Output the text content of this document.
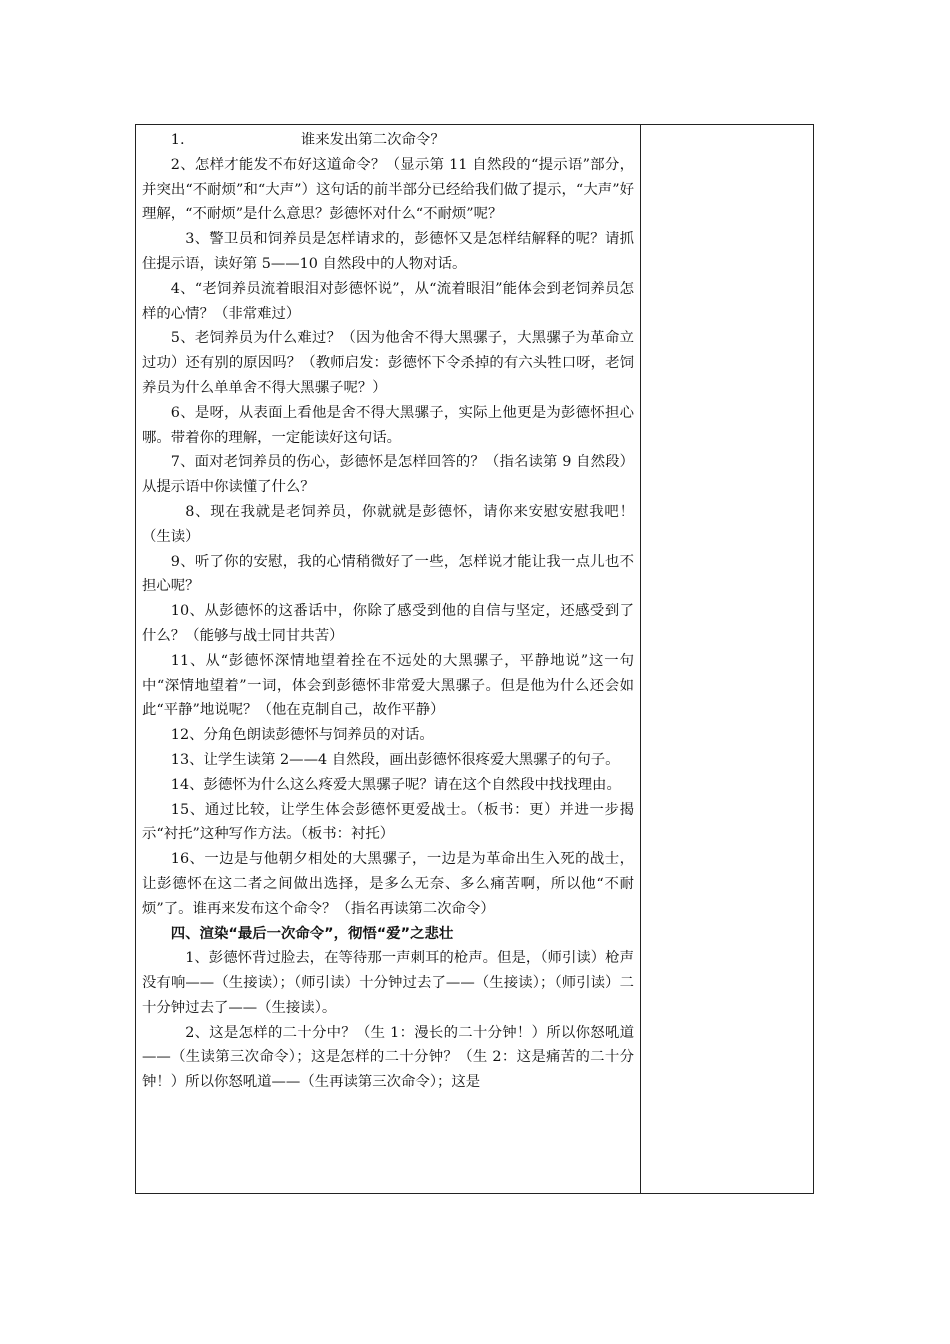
1.	谁来发出第二次命令？

2、怎样才能发不布好这道命令？（显示第 11 自然段的“提示语”部分，并突出“不耐烦”和“大声”）这句话的前半部分已经给我们做了提示，“大声”好理解，“不耐烦”是什么意思？彭德怀对什么“不耐烦”呢？

3、警卫员和饲养员是怎样请求的，彭德怀又是怎样结解释的呢？请抓住提示语，读好第 5——10 自然段中的人物对话。

4、“老饲养员流着眼泪对彭德怀说”，从“流着眼泪”能体会到老饲养员怎样的心情？（非常难过）

5、老饲养员为什么难过？（因为他舍不得大黑骡子，大黑骡子为革命立过功）还有别的原因吗？（教师启发：彭德怀下令杀掉的有六头牲口呀，老饲养员为什么单单舍不得大黑骡子呢？）

6、是呀，从表面上看他是舍不得大黑骡子，实际上他更是为彭德怀担心哪。带着你的理解，一定能读好这句话。

7、面对老饲养员的伤心，彭德怀是怎样回答的？（指名读第 9 自然段）从提示语中你读懂了什么？

8、现在我就是老饲养员，你就就是彭德怀，请你来安慰安慰我吧！（生读）

9、听了你的安慰，我的心情稍微好了一些，怎样说才能让我一点儿也不担心呢？

10、从彭德怀的这番话中，你除了感受到他的自信与坚定，还感受到了什么？（能够与战士同甘共苦）

11、从“彭德怀深情地望着拴在不远处的大黑骡子，平静地说”这一句中“深情地望着”一词，体会到彭德怀非常爱大黑骡子。但是他为什么还会如此“平静”地说呢？（他在克制自己，故作平静）

12、分角色朗读彭德怀与饲养员的对话。

13、让学生读第 2——4 自然段，画出彭德怀很疼爱大黑骡子的句子。

14、彭德怀为什么这么疼爱大黑骡子呢？请在这个自然段中找找理由。

15、通过比较，让学生体会彭德怀更爱战士。（板书：更）并进一步揭示“衬托”这种写作方法。（板书：衬托）

16、一边是与他朝夕相处的大黑骡子，一边是为革命出生入死的战士，让彭德怀在这二者之间做出选择，是多么无奈、多么痛苦啊，所以他“不耐烦”了。谁再来发布这个命令？（指名再读第二次命令）

四、渲染“最后一次命令”，彻悟“爱”之悲壮

1、彭德怀背过脸去，在等待那一声刺耳的枪声。但是，（师引读）枪声没有响——（生接读）；（师引读）十分钟过去了——（生接读）；（师引读）二十分钟过去了——（生接读）。

2、这是怎样的二十分中？（生 1：漫长的二十分钟！）所以你怒吼道——（生读第三次命令）；这是怎样的二十分钟？（生 2：这是痛苦的二十分钟！）所以你怒吼道——（生再读第三次命令）；这是
